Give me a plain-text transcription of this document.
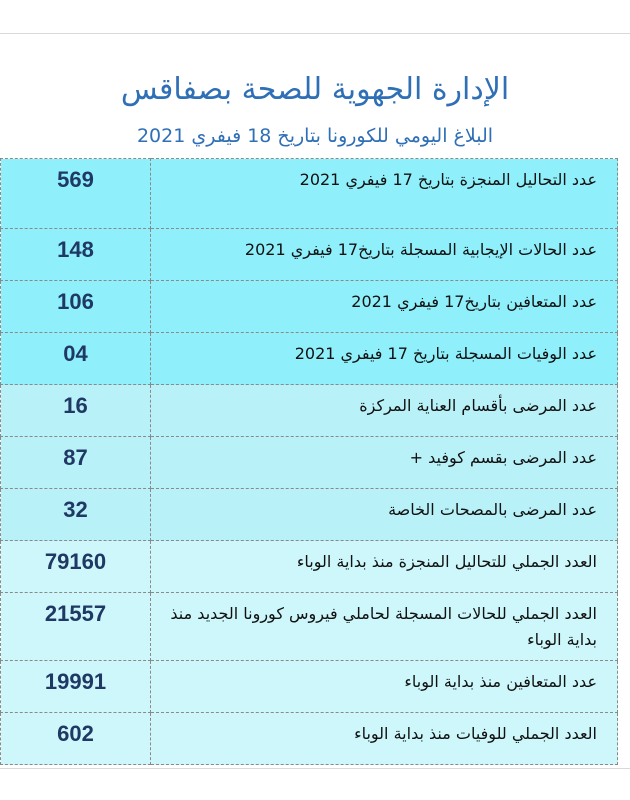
الإدارة الجهوية للصحة بصفاقس
البلاغ اليومي للكورونا بتاريخ 18 فيفري 2021
569	عدد التحاليل المنجزة بتاريخ 17 فيفري 2021
148	عدد الحالات الإيجابية المسجلة بتاريخ17 فيفري 2021
106	عدد المتعافين بتاريخ17 فيفري 2021
04	عدد الوفيات المسجلة بتاريخ 17 فيفري 2021
16	عدد المرضى بأقسام العناية المركزة
87	عدد المرضى بقسم كوفيد +
32	عدد المرضى بالمصحات الخاصة
79160	العدد الجملي للتحاليل المنجزة منذ بداية الوباء
21557	العدد الجملي للحالات المسجلة لحاملي فيروس كورونا الجديد منذ بداية الوباء
19991	عدد المتعافين منذ بداية الوباء
602	العدد الجملي للوفيات منذ بداية الوباء
